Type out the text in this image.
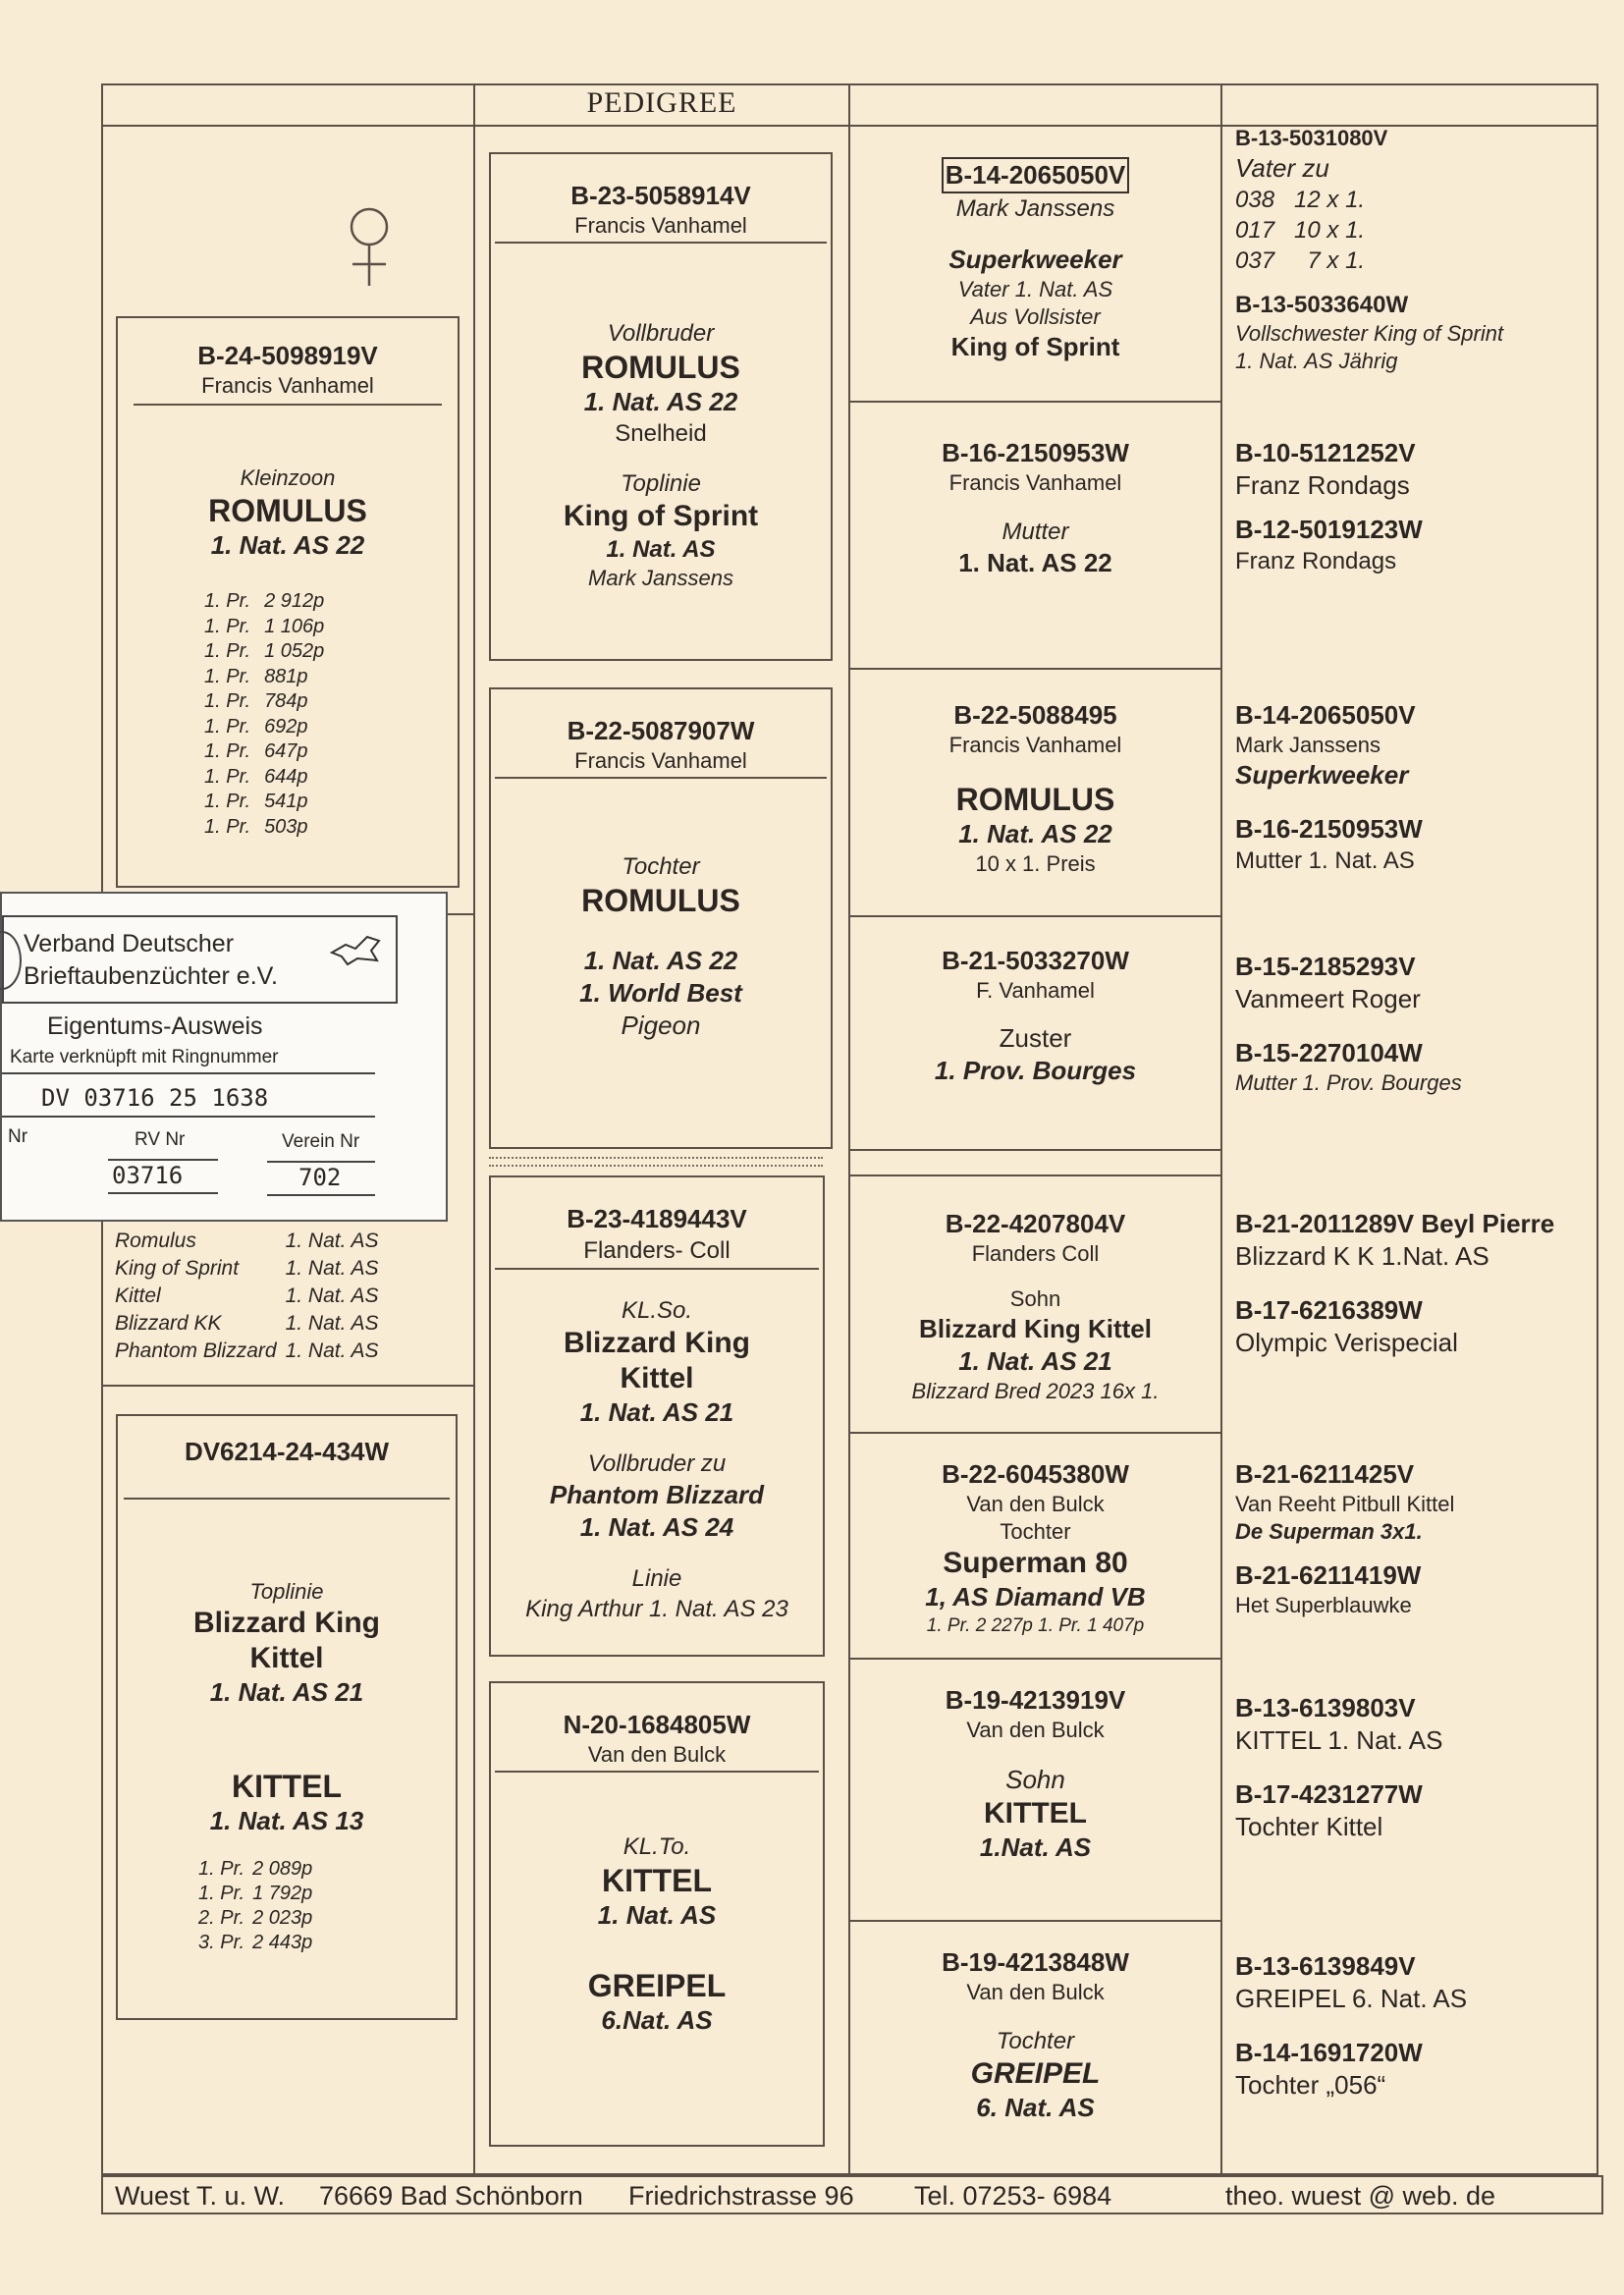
PEDIGREE
B-24-5098919V
Francis Vanhamel
Kleinzoon
ROMULUS
1. Nat. AS 22
1. Pr.	2 912p
1. Pr.	1 106p
1. Pr.	1 052p
1. Pr.	881p
1. Pr.	784p
1. Pr.	692p
1. Pr.	647p
1. Pr.	644p
1. Pr.	541p
1. Pr.	503p
Romulus	1. Nat. AS
King of Sprint	1. Nat. AS
Kittel	1. Nat. AS
Blizzard KK	1. Nat. AS
Phantom Blizzard	1. Nat. AS
DV6214-24-434W
Toplinie
Blizzard King
Kittel
1. Nat. AS 21
KITTEL
1. Nat. AS 13
1. Pr.	2 089p
1. Pr.	1 792p
2. Pr.	2 023p
3. Pr.	2 443p
Verband Deutscher
Brieftaubenzüchter e.V.
Eigentums-Ausweis
Karte verknüpft mit Ringnummer
DV 03716 25 1638
Nr	RV Nr	Verein Nr
03716	702
B-23-5058914V
Francis Vanhamel
Vollbruder
ROMULUS
1. Nat. AS 22
Snelheid
Toplinie
King of Sprint
1. Nat. AS
Mark Janssens
B-22-5087907W
Francis Vanhamel
Tochter
ROMULUS
1. Nat. AS 22
1. World Best
Pigeon
B-23-4189443V
Flanders- Coll
KL.So.
Blizzard King
Kittel
1. Nat. AS 21
Vollbruder zu
Phantom Blizzard
1. Nat. AS 24
Linie
King Arthur 1. Nat. AS 23
N-20-1684805W
Van den Bulck
KL.To.
KITTEL
1. Nat. AS
GREIPEL
6.Nat. AS
B-14-2065050V
Mark Janssens
Superkweeker
Vater 1. Nat. AS
Aus Vollsister
King of Sprint
B-16-2150953W
Francis Vanhamel
Mutter
1. Nat. AS 22
B-22-5088495
Francis Vanhamel
ROMULUS
1. Nat. AS 22
10 x 1. Preis
B-21-5033270W
F. Vanhamel
Zuster
1. Prov. Bourges
B-22-4207804V
Flanders Coll
Sohn
Blizzard King Kittel
1. Nat. AS 21
Blizzard Bred 2023 16x 1.
B-22-6045380W
Van den Bulck
Tochter
Superman 80
1, AS Diamand VB
1. Pr. 2 227p 1. Pr. 1 407p
B-19-4213919V
Van den Bulck
Sohn
KITTEL
1.Nat. AS
B-19-4213848W
Van den Bulck
Tochter
GREIPEL
6. Nat. AS
B-13-5031080V
Vater zu
038   12 x 1.
017   10 x 1.
037     7 x 1.
B-13-5033640W
Vollschwester King of Sprint
1. Nat. AS Jährig
B-10-5121252V
Franz Rondags
B-12-5019123W
Franz Rondags
B-14-2065050V
Mark Janssens
Superkweeker
B-16-2150953W
Mutter 1. Nat. AS
B-15-2185293V
Vanmeert Roger
B-15-2270104W
Mutter 1. Prov. Bourges
B-21-2011289V Beyl Pierre
Blizzard K K 1.Nat. AS
B-17-6216389W
Olympic Verispecial
B-21-6211425V
Van Reeht Pitbull Kittel
De Superman 3x1.
B-21-6211419W
Het Superblauwke
B-13-6139803V
KITTEL 1. Nat. AS
B-17-4231277W
Tochter Kittel
B-13-6139849V
GREIPEL 6. Nat. AS
B-14-1691720W
Tochter „056“
Wuest T. u. W. 76669 Bad Schönborn Friedrichstrasse 96 Tel. 07253- 6984	theo. wuest @ web. de
